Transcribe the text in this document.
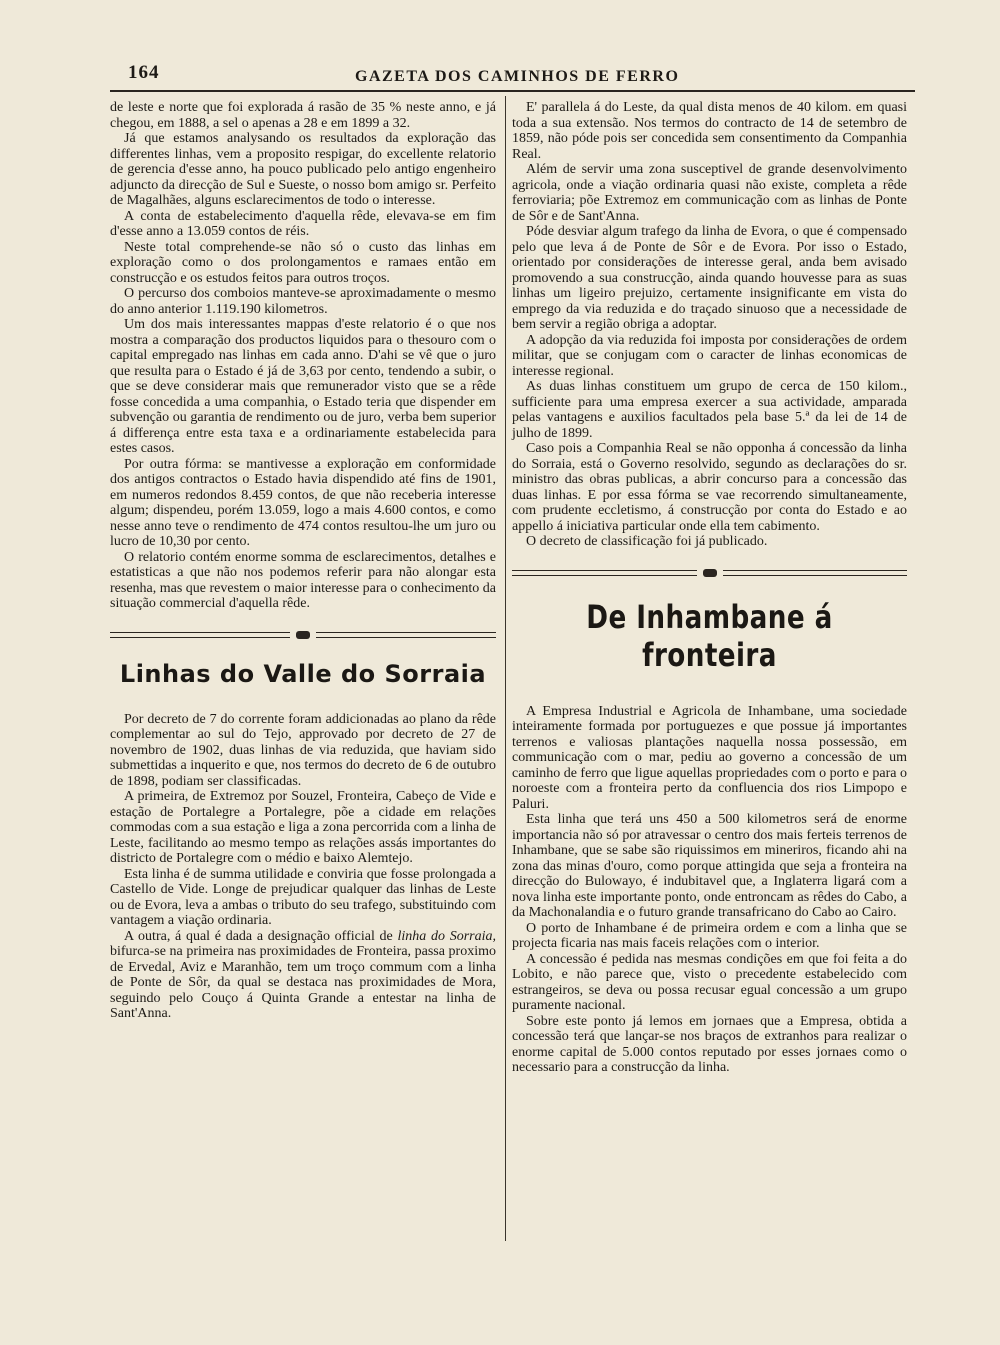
164	GAZETA DOS CAMINHOS DE FERRO

de leste e norte que foi explorada á rasão de 35 % neste anno, e já chegou, em 1888, a sel o apenas a 28 e em 1899 a 32.

Já que estamos analysando os resultados da exploração das differentes linhas, vem a proposito respigar, do excellente relatorio de gerencia d'esse anno, ha pouco publicado pelo antigo engenheiro adjuncto da direcção de Sul e Sueste, o nosso bom amigo sr. Perfeito de Magalhães, alguns esclarecimentos de todo o interesse.

A conta de estabelecimento d'aquella rêde, elevava-se em fim d'esse anno a 13.059 contos de réis.

Neste total comprehende-se não só o custo das linhas em exploração como o dos prolongamentos e ramaes então em construcção e os estudos feitos para outros troços.

O percurso dos comboios manteve-se aproximadamente o mesmo do anno anterior 1.119.190 kilometros.

Um dos mais interessantes mappas d'este relatorio é o que nos mostra a comparação dos productos liquidos para o thesouro com o capital empregado nas linhas em cada anno. D'ahi se vê que o juro que resulta para o Estado é já de 3,63 por cento, tendendo a subir, o que se deve considerar mais que remunerador visto que se a rêde fosse concedida a uma companhia, o Estado teria que dispender em subvenção ou garantia de rendimento ou de juro, verba bem superior á differença entre esta taxa e a ordinariamente estabelecida para estes casos.

Por outra fórma: se mantivesse a exploração em conformidade dos antigos contractos o Estado havia dispendido até fins de 1901, em numeros redondos 8.459 contos, de que não receberia interesse algum; dispendeu, porém 13.059, logo a mais 4.600 contos, e como nesse anno teve o rendimento de 474 contos resultou-lhe um juro ou lucro de 10,30 por cento.

O relatorio contém enorme somma de esclarecimentos, detalhes e estatisticas a que não nos podemos referir para não alongar esta resenha, mas que revestem o maior interesse para o conhecimento da situação commercial d'aquella rêde.

Linhas do Valle do Sorraia

Por decreto de 7 do corrente foram addicionadas ao plano da rêde complementar ao sul do Tejo, approvado por decreto de 27 de novembro de 1902, duas linhas de via reduzida, que haviam sido submettidas a inquerito e que, nos termos do decreto de 6 de outubro de 1898, podiam ser classificadas.

A primeira, de Extremoz por Souzel, Fronteira, Cabeço de Vide e estação de Portalegre a Portalegre, põe a cidade em relações commodas com a sua estação e liga a zona percorrida com a linha de Leste, facilitando ao mesmo tempo as relações assás importantes do districto de Portalegre com o médio e baixo Alemtejo.

Esta linha é de summa utilidade e conviria que fosse prolongada a Castello de Vide. Longe de prejudicar qualquer das linhas de Leste ou de Evora, leva a ambas o tributo do seu trafego, substituindo com vantagem a viação ordinaria.

A outra, á qual é dada a designação official de linha do Sorraia, bifurca-se na primeira nas proximidades de Fronteira, passa proximo de Ervedal, Aviz e Maranhão, tem um troço commum com a linha de Ponte de Sôr, da qual se destaca nas proximidades de Mora, seguindo pelo Couço á Quinta Grande a entestar na linha de Sant'Anna.

E' parallela á do Leste, da qual dista menos de 40 kilom. em quasi toda a sua extensão. Nos termos do contracto de 14 de setembro de 1859, não póde pois ser concedida sem consentimento da Companhia Real.

Além de servir uma zona susceptivel de grande desenvolvimento agricola, onde a viação ordinaria quasi não existe, completa a rêde ferroviaria; põe Extremoz em communicação com as linhas de Ponte de Sôr e de Sant'Anna.

Póde desviar algum trafego da linha de Evora, o que é compensado pelo que leva á de Ponte de Sôr e de Evora. Por isso o Estado, orientado por considerações de interesse geral, anda bem avisado promovendo a sua construcção, ainda quando houvesse para as suas linhas um ligeiro prejuizo, certamente insignificante em vista do emprego da via reduzida e do traçado sinuoso que a necessidade de bem servir a região obriga a adoptar.

A adopção da via reduzida foi imposta por considerações de ordem militar, que se conjugam com o caracter de linhas economicas de interesse regional.

As duas linhas constituem um grupo de cerca de 150 kilom., sufficiente para uma empresa exercer a sua actividade, amparada pelas vantagens e auxilios facultados pela base 5.ª da lei de 14 de julho de 1899.

Caso pois a Companhia Real se não opponha á concessão da linha do Sorraia, está o Governo resolvido, segundo as declarações do sr. ministro das obras publicas, a abrir concurso para a concessão das duas linhas. E por essa fórma se vae recorrendo simultaneamente, com prudente eccletismo, á construcção por conta do Estado e ao appello á iniciativa particular onde ella tem cabimento.

O decreto de classificação foi já publicado.

De Inhambane á fronteira

A Empresa Industrial e Agricola de Inhambane, uma sociedade inteiramente formada por portuguezes e que possue já importantes terrenos e valiosas plantações naquella nossa possessão, em communicação com o mar, pediu ao governo a concessão de um caminho de ferro que ligue aquellas propriedades com o porto e para o noroeste com a fronteira perto da confluencia dos rios Limpopo e Paluri.

Esta linha que terá uns 450 a 500 kilometros será de enorme importancia não só por atravessar o centro dos mais ferteis terrenos de Inhambane, que se sabe são riquissimos em mineriros, ficando ahi na zona das minas d'ouro, como porque attingida que seja a fronteira na direcção do Bulowayo, é indubitavel que, a Inglaterra ligará com a nova linha este importante ponto, onde entroncam as rêdes do Cabo, a da Machonalandia e o futuro grande transafricano do Cabo ao Cairo.

O porto de Inhambane é de primeira ordem e com a linha que se projecta ficaria nas mais faceis relações com o interior.

A concessão é pedida nas mesmas condições em que foi feita a do Lobito, e não parece que, visto o precedente estabelecido com estrangeiros, se deva ou possa recusar egual concessão a um grupo puramente nacional.

Sobre este ponto já lemos em jornaes que a Empresa, obtida a concessão terá que lançar-se nos braços de extranhos para realizar o enorme capital de 5.000 contos reputado por esses jornaes como o necessario para a construcção da linha.
